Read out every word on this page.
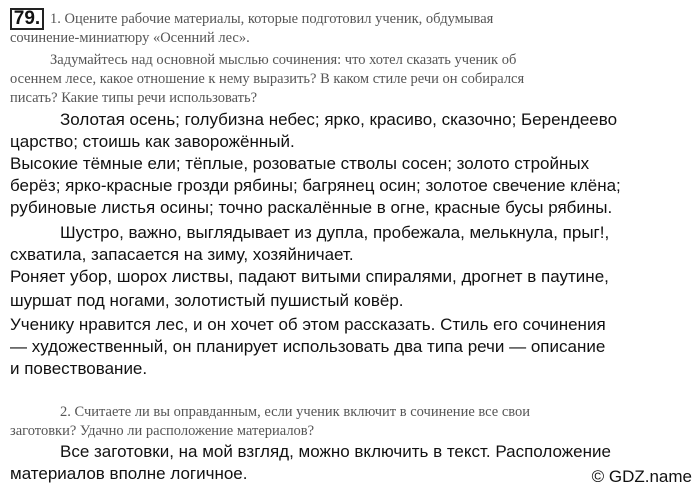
79. 1. Оцените рабочие материалы, которые подготовил ученик, обдумывая
сочинение-миниатюру «Осенний лес».
Задумайтесь над основной мыслью сочинения: что хотел сказать ученик об
осеннем лесе, какое отношение к нему выразить? В каком стиле речи он собирался
писать? Какие типы речи использовать?
Золотая осень; голубизна небес; ярко, красиво, сказочно; Берендеево
царство; стоишь как заворожённый.
Высокие тёмные ели; тёплые, розоватые стволы сосен; золото стройных
берёз; ярко-красные грозди рябины; багрянец осин; золотое свечение клёна;
рубиновые листья осины; точно раскалённые в огне, красные бусы рябины.
Шустро, важно, выглядывает из дупла, пробежала, мелькнула, прыг!,
схватила, запасается на зиму, хозяйничает.
Роняет убор, шорох листвы, падают витыми спиралями, дрогнет в паутине,
шуршат под ногами, золотистый пушистый ковёр.
Ученику нравится лес, и он хочет об этом рассказать. Стиль его сочинения
— художественный, он планирует использовать два типа речи — описание
и повествование.
2. Считаете ли вы оправданным, если ученик включит в сочинение все свои
заготовки? Удачно ли расположение материалов?
Все заготовки, на мой взгляд, можно включить в текст. Расположение
материалов вполне логичное.	© GDZ.name
